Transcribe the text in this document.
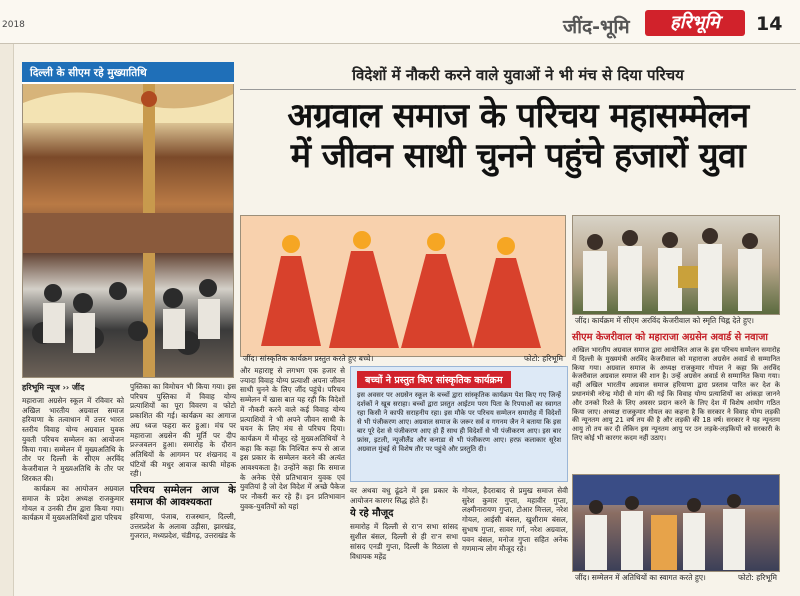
2018	जींद-भूमि	हरिभूमि	14
दिल्ली के सीएम रहे मुख्यातिथि
हरिभूमि न्यूज ›› जींद

महाराजा अग्रसेन स्कूल में रविवार को अखिल भारतीय अग्रवाल समाज हरियाणा के तत्वाधान में उत्तर भारत स्तरीय विवाह योग्य अग्रवाल युवक युवती परिचय सम्मेलन का आयोजन किया गया। सम्मेलन में मुख्यअतिथि के तौर पर दिल्ली के सीएम अरविंद केजरीवाल ने मुख्यअतिथि के तौर पर शिरकत की।

कार्यक्रम का आयोजन अग्रवाल समाज के प्रदेश अध्यक्ष राजकुमार गोयल व उनकी टीम द्वारा किया गया। कार्यक्रम में मुख्यअतिथियों द्वारा परिचय

पुस्तिका का विमोचन भी किया गया। इस परिचय पुस्तिका में विवाह योग्य प्रत्याशियों का पूरा विवरण व फोटो प्रकाशित की गई। कार्यक्रम का आगाज अग्र ध्वज फहरा कर हुआ। मंच पर महाराजा अग्रसेन की मूर्ति पर दीप प्रज्जवलन हुआ। समारोह के दौरान अतिथियों के आगमन पर शंखनाद व घंटियों की मधुर आवाज काफी मोहक रही।

परिचय सम्मेलन आज के समाज की आवश्यकता

हरियाणा, पंजाब, राजस्थान, दिल्ली, उत्तरप्रदेश के अलावा उड़ीसा, झारखंड, गुजरात, मध्यप्रदेश, चंडीगढ़, उत्तराखंड के

विदेशों में नौकरी करने वाले युवाओं ने भी मंच से दिया परिचय
अग्रवाल समाज के परिचय महासम्मेलन
में जीवन साथी चुनने पहुंचे हजारों युवा
जींद। सांस्कृतिक कार्यक्रम प्रस्तुत करते हुए बच्चे।	फोटो: हरिभूमि

और महाराष्ट्र से लगभग एक हजार से ज्यादा विवाह योग्य प्रत्याशी अपना जीवन साथी चुनने के लिए जींद पहुंचे। परिचय सम्मेलन में खास बात यह रही कि विदेशों में नौकरी करने वाले कई विवाह योग्य प्रत्याशियों ने भी अपने जीवन साथी के चयन के लिए मंच से परिचय दिया। कार्यक्रम में मौजूद रहे मुख्यअतिथियों ने कहा कि कहा कि निश्चित रूप से आज इस प्रकार के सम्मेलन करने की अत्यंत आवश्यकता है। उन्होंने कहा कि समाज के अनेक ऐसे प्रतिभावान युवक एवं युवतियां है जो देश विदेश में अच्छे पैकेज पर नौकरी कर रहे हैं। इन प्रतिभावान युवक-युवतियों को यहां

बच्चों ने प्रस्तुत किए सांस्कृतिक कार्यक्रम
इस अवसर पर अग्रसेन स्कूल के बच्चों द्वारा सांस्कृतिक कार्यक्रम पेश किए गए जिन्हें दर्शकों ने खूब सराहा। बच्चों द्वारा प्रस्तुत आईटम परम पिता के रिपयाओं का स्वागत रहा किसी ने काफी सराहनीय रहा। इस मौके पर परिचय सम्मेलन समारोह में विदेशों से भी पंजीकरण आए। अग्रवाल समाज के जरूर सर्व व गगनम जैन ने बताया कि इस बार पूरे देश से पंजीकरण आए हो हैं साथ ही विदेशों से भी पंजीकरण आए। इस बार फ्रांस, इटली, न्यूजीलैंड और कनाडा से भी पंजीकरण आए। हरफ़ कलाकार सूरेश अग्रवाल मुंबई से विशेष तौर पर पहुंचे और प्रस्तुति दी।

वर अथवा वधु ढूंढने में इस प्रकार के आयोजन कारगर सिद्ध होते हैं।

ये रहे मौजूद

समारोह में दिल्ली से रा'न सभा सांसद सुशील बंसल, दिल्ली से ही रा'न सभा सांसद एनडी गुप्ता, दिल्ली के रिठाला से विधायक महेंद्र

गोयल, हैदराबाद से प्रमुख समाज सेवी सुरेश कुमार गुप्ता, महावीर गुप्ता, लक्ष्मीनारायण गुप्ता, टोआर मित्तल, नरेश गोयल, आईसी बंसल, खुशीराम बंसल, सुभाष गुप्ता, सावर गर्ग, नरेश अग्रवाल, पवन बंसल, मनोज गुप्ता सहित अनेक गणमान्य लोग मौजूद रहे।

जींद। कार्यक्रम में सीएम अरविंद केजरीवाल को स्मृति चिह्न देते हुए।
सीएम केजरीवाल को महाराजा अग्रसेन अवार्ड से नवाजा
अखिल भारतीय अग्रवाल समाज द्वारा आयोजित आज के इस परिचय सम्मेलन समारोह में दिल्ली के मुख्यमंत्री अरविंद केजरीवाल को महाराजा अग्रसेन अवार्ड से सम्मानित किया गया। अग्रवाल समाज के अध्यक्ष राजकुमार गोयल ने कहा कि अरविंद केजरीवाल अग्रवाल समाज की शान है। उन्हें अग्रसेन अवार्ड से सम्मानित किया गया। वहीं अखिल भारतीय अग्रवाल समाज हरियाणा द्वारा प्रस्ताव पारित कर देश के प्रधानमंत्री नरेन्द्र मोदी से मांग की गई कि विवाह योग्य प्रत्याशियों का आंकड़ा जानने और उनको रिश्ते के लिए अवसर प्रदान करने के लिए देश में विशेष आयोग गठित किया जाए। अध्यक्ष राजकुमार गोयल का कहना है कि सरकार ने विवाह योग्य लड़की की न्यूनतम आयु 21 वर्ष तय की है और लड़की की 18 वर्ष। सरकार ने यह न्यूनतम आयु तो तय कर दी लेकिन इस न्यूनतम आयु पर उन लड़के-लड़कियों को सरकारी के लिए कोई भी कारगर कदम नहीं उठाए।
जींद। सम्मेलन में अतिथियों का स्वागत करते हुए।	फोटो: हरिभूमि
